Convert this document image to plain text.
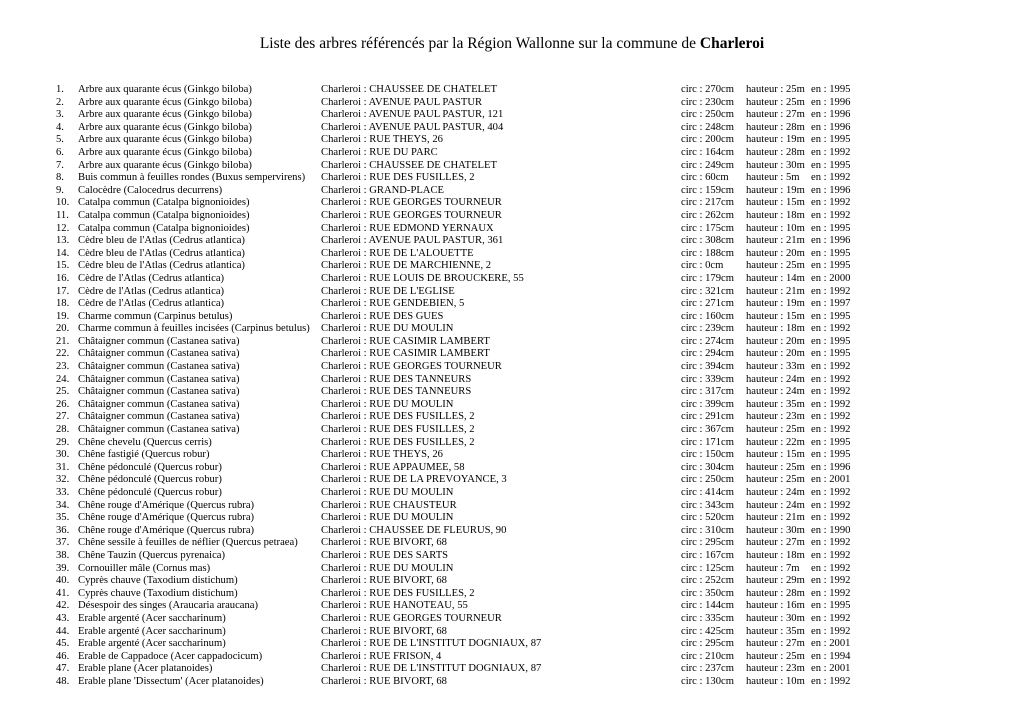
Liste des arbres référencés par la Région Wallonne sur la commune de Charleroi
1. Arbre aux quarante écus (Ginkgo biloba)	Charleroi : CHAUSSEE DE CHATELET	circ : 270cm hauteur : 25m en : 1995
2. Arbre aux quarante écus (Ginkgo biloba)	Charleroi : AVENUE PAUL PASTUR	circ : 230cm hauteur : 25m en : 1996
3. Arbre aux quarante écus (Ginkgo biloba)	Charleroi : AVENUE PAUL PASTUR, 121	circ : 250cm hauteur : 27m en : 1996
4. Arbre aux quarante écus (Ginkgo biloba)	Charleroi : AVENUE PAUL PASTUR, 404	circ : 248cm hauteur : 28m en : 1996
5. Arbre aux quarante écus (Ginkgo biloba)	Charleroi : RUE THEYS, 26	circ : 200cm hauteur : 19m en : 1995
6. Arbre aux quarante écus (Ginkgo biloba)	Charleroi : RUE DU PARC	circ : 164cm hauteur : 28m en : 1992
7. Arbre aux quarante écus (Ginkgo biloba)	Charleroi : CHAUSSEE DE CHATELET	circ : 249cm hauteur : 30m en : 1995
8. Buis commun à feuilles rondes (Buxus sempervirens) Charleroi : RUE DES FUSILLES, 2	circ : 60cm hauteur : 5m en : 1992
9. Calocèdre (Calocedrus decurrens)	Charleroi : GRAND-PLACE	circ : 159cm hauteur : 19m en : 1996
10. Catalpa commun (Catalpa bignonioides)	Charleroi : RUE GEORGES TOURNEUR	circ : 217cm hauteur : 15m en : 1992
11. Catalpa commun (Catalpa bignonioides)	Charleroi : RUE GEORGES TOURNEUR	circ : 262cm hauteur : 18m en : 1992
12. Catalpa commun (Catalpa bignonioides)	Charleroi : RUE EDMOND YERNAUX	circ : 175cm hauteur : 10m en : 1995
13. Cèdre bleu de l'Atlas (Cedrus atlantica)	Charleroi : AVENUE PAUL PASTUR, 361	circ : 308cm hauteur : 21m en : 1996
14. Cèdre bleu de l'Atlas (Cedrus atlantica)	Charleroi : RUE DE L'ALOUETTE	circ : 188cm hauteur : 20m en : 1995
15. Cèdre bleu de l'Atlas (Cedrus atlantica)	Charleroi : RUE DE MARCHIENNE, 2	circ : 0cm hauteur : 25m en : 1995
16. Cèdre de l'Atlas (Cedrus atlantica)	Charleroi : RUE LOUIS DE BROUCKERE, 55	circ : 179cm hauteur : 14m en : 2000
17. Cèdre de l'Atlas (Cedrus atlantica)	Charleroi : RUE DE L'EGLISE	circ : 321cm hauteur : 21m en : 1992
18. Cèdre de l'Atlas (Cedrus atlantica)	Charleroi : RUE GENDEBIEN, 5	circ : 271cm hauteur : 19m en : 1997
19. Charme commun (Carpinus betulus)	Charleroi : RUE DES GUES	circ : 160cm hauteur : 15m en : 1995
20. Charme commun à feuilles incisées (Carpinus betulus) Charleroi : RUE DU MOULIN	circ : 239cm hauteur : 18m en : 1992
21. Châtaigner commun (Castanea sativa)	Charleroi : RUE CASIMIR LAMBERT	circ : 274cm hauteur : 20m en : 1995
22. Châtaigner commun (Castanea sativa)	Charleroi : RUE CASIMIR LAMBERT	circ : 294cm hauteur : 20m en : 1995
23. Châtaigner commun (Castanea sativa)	Charleroi : RUE GEORGES TOURNEUR	circ : 394cm hauteur : 33m en : 1992
24. Châtaigner commun (Castanea sativa)	Charleroi : RUE DES TANNEURS	circ : 339cm hauteur : 24m en : 1992
25. Châtaigner commun (Castanea sativa)	Charleroi : RUE DES TANNEURS	circ : 317cm hauteur : 24m en : 1992
26. Châtaigner commun (Castanea sativa)	Charleroi : RUE DU MOULIN	circ : 399cm hauteur : 35m en : 1992
27. Châtaigner commun (Castanea sativa)	Charleroi : RUE DES FUSILLES, 2	circ : 291cm hauteur : 23m en : 1992
28. Châtaigner commun (Castanea sativa)	Charleroi : RUE DES FUSILLES, 2	circ : 367cm hauteur : 25m en : 1992
29. Chêne chevelu (Quercus cerris)	Charleroi : RUE DES FUSILLES, 2	circ : 171cm hauteur : 22m en : 1995
30. Chêne fastigié (Quercus robur)	Charleroi : RUE THEYS, 26	circ : 150cm hauteur : 15m en : 1995
31. Chêne pédonculé (Quercus robur)	Charleroi : RUE APPAUMEE, 58	circ : 304cm hauteur : 25m en : 1996
32. Chêne pédonculé (Quercus robur)	Charleroi : RUE DE LA PREVOYANCE, 3	circ : 250cm hauteur : 25m en : 2001
33. Chêne pédonculé (Quercus robur)	Charleroi : RUE DU MOULIN	circ : 414cm hauteur : 24m en : 1992
34. Chêne rouge d'Amérique (Quercus rubra)	Charleroi : RUE CHAUSTEUR	circ : 343cm hauteur : 24m en : 1992
35. Chêne rouge d'Amérique (Quercus rubra)	Charleroi : RUE DU MOULIN	circ : 520cm hauteur : 21m en : 1992
36. Chêne rouge d'Amérique (Quercus rubra)	Charleroi : CHAUSSEE DE FLEURUS, 90	circ : 310cm hauteur : 30m en : 1990
37. Chêne sessile à feuilles de néflier (Quercus petraea) Charleroi : RUE BIVORT, 68	circ : 295cm hauteur : 27m en : 1992
38. Chêne Tauzin (Quercus pyrenaica)	Charleroi : RUE DES SARTS	circ : 167cm hauteur : 18m en : 1992
39. Cornouiller mâle (Cornus mas)	Charleroi : RUE DU MOULIN	circ : 125cm hauteur : 7m en : 1992
40. Cyprès chauve (Taxodium distichum)	Charleroi : RUE BIVORT, 68	circ : 252cm hauteur : 29m en : 1992
41. Cyprès chauve (Taxodium distichum)	Charleroi : RUE DES FUSILLES, 2	circ : 350cm hauteur : 28m en : 1992
42. Désespoir des singes (Araucaria araucana)	Charleroi : RUE HANOTEAU, 55	circ : 144cm hauteur : 16m en : 1995
43. Erable argenté (Acer saccharinum)	Charleroi : RUE GEORGES TOURNEUR	circ : 335cm hauteur : 30m en : 1992
44. Erable argenté (Acer saccharinum)	Charleroi : RUE BIVORT, 68	circ : 425cm hauteur : 35m en : 1992
45. Erable argenté (Acer saccharinum)	Charleroi : RUE DE L'INSTITUT DOGNIAUX, 87	circ : 295cm hauteur : 27m en : 2001
46. Erable de Cappadoce (Acer cappadocicum)	Charleroi : RUE FRISON, 4	circ : 210cm hauteur : 25m en : 1994
47. Erable plane (Acer platanoides)	Charleroi : RUE DE L'INSTITUT DOGNIAUX, 87	circ : 237cm hauteur : 23m en : 2001
48. Erable plane 'Dissectum' (Acer platanoides)	Charleroi : RUE BIVORT, 68	circ : 130cm hauteur : 10m en : 1992
